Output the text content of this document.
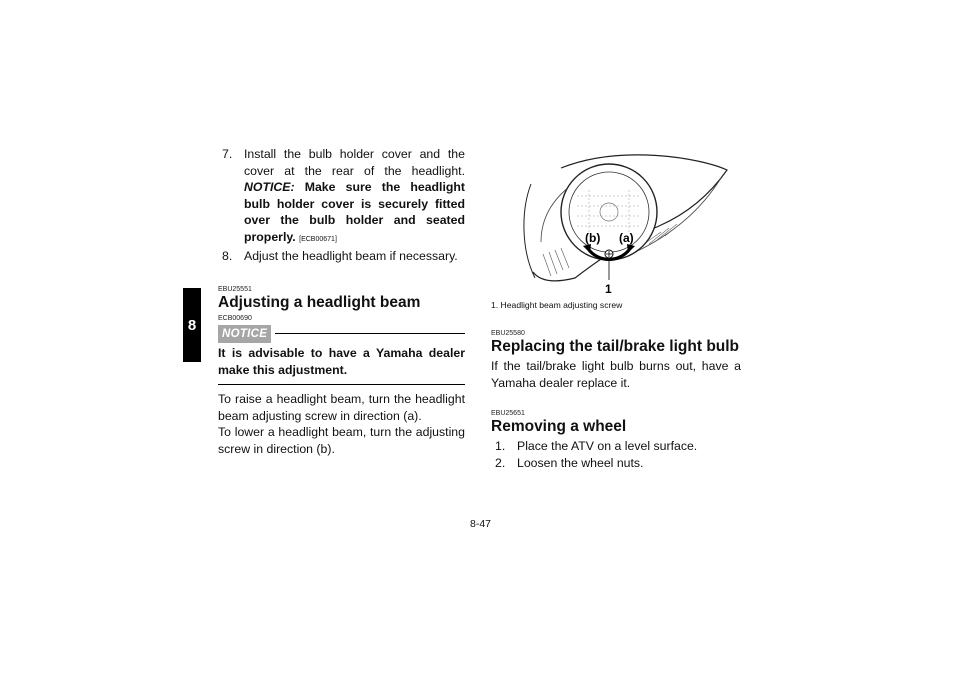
8
7. Install the bulb holder cover and the cover at the rear of the headlight. NOTICE: Make sure the headlight bulb holder cover is securely fitted over the bulb holder and seated properly. [ECB00671]
8. Adjust the headlight beam if necessary.

EBU25551

Adjusting a headlight beam

ECB00690

NOTICE

It is advisable to have a Yamaha dealer make this adjustment.

To raise a headlight beam, turn the headlight beam adjusting screw in direction (a).

To lower a headlight beam, turn the adjusting screw in direction (b).

(b) (a)
1

1. Headlight beam adjusting screw

EBU25580

Replacing the tail/brake light bulb

If the tail/brake light bulb burns out, have a Yamaha dealer replace it.

EBU25651

Removing a wheel
1. Place the ATV on a level surface.
2. Loosen the wheel nuts.
8-47
